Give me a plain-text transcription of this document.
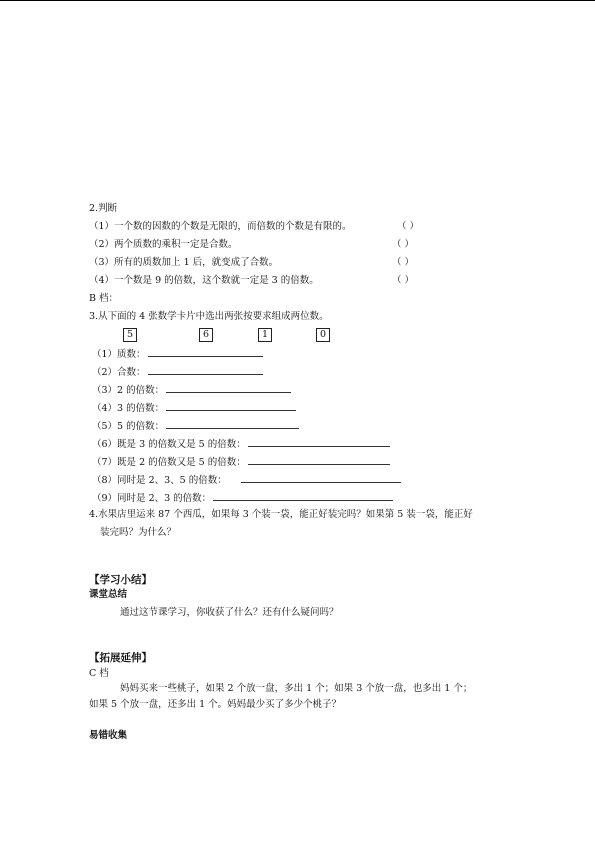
2.判断
（1）一个数的因数的个数是无限的，而倍数的个数是有限的。	（ ）
（2）两个质数的乘积一定是合数。	（ ）
（3）所有的质数加上 1 后，就变成了合数。	（ ）
（4）一个数是 9 的倍数，这个数就一定是 3 的倍数。	（ ）
B 档：
3.从下面的 4 张数学卡片中选出两张按要求组成两位数。
5	6	1	0
（1）质数：
（2）合数：
（3）2 的倍数：
（4）3 的倍数：
（5）5 的倍数：
（6）既是 3 的倍数又是 5 的倍数：
（7）既是 2 的倍数又是 5 的倍数：
（8）同时是 2、3、5 的倍数：
（9）同时是 2、3 的倍数：
4.水果店里运来 87 个西瓜，如果每 3 个装一袋，能正好装完吗？如果第 5 装一袋，能正好
装完吗？为什么？
【学习小结】
课堂总结
通过这节课学习，你收获了什么？还有什么疑问吗？
【拓展延伸】
C 档
妈妈买来一些桃子，如果 2 个放一盘，多出 1 个；如果 3 个放一盘，也多出 1 个；
如果 5 个放一盘，还多出 1 个。妈妈最少买了多少个桃子？
易错收集
